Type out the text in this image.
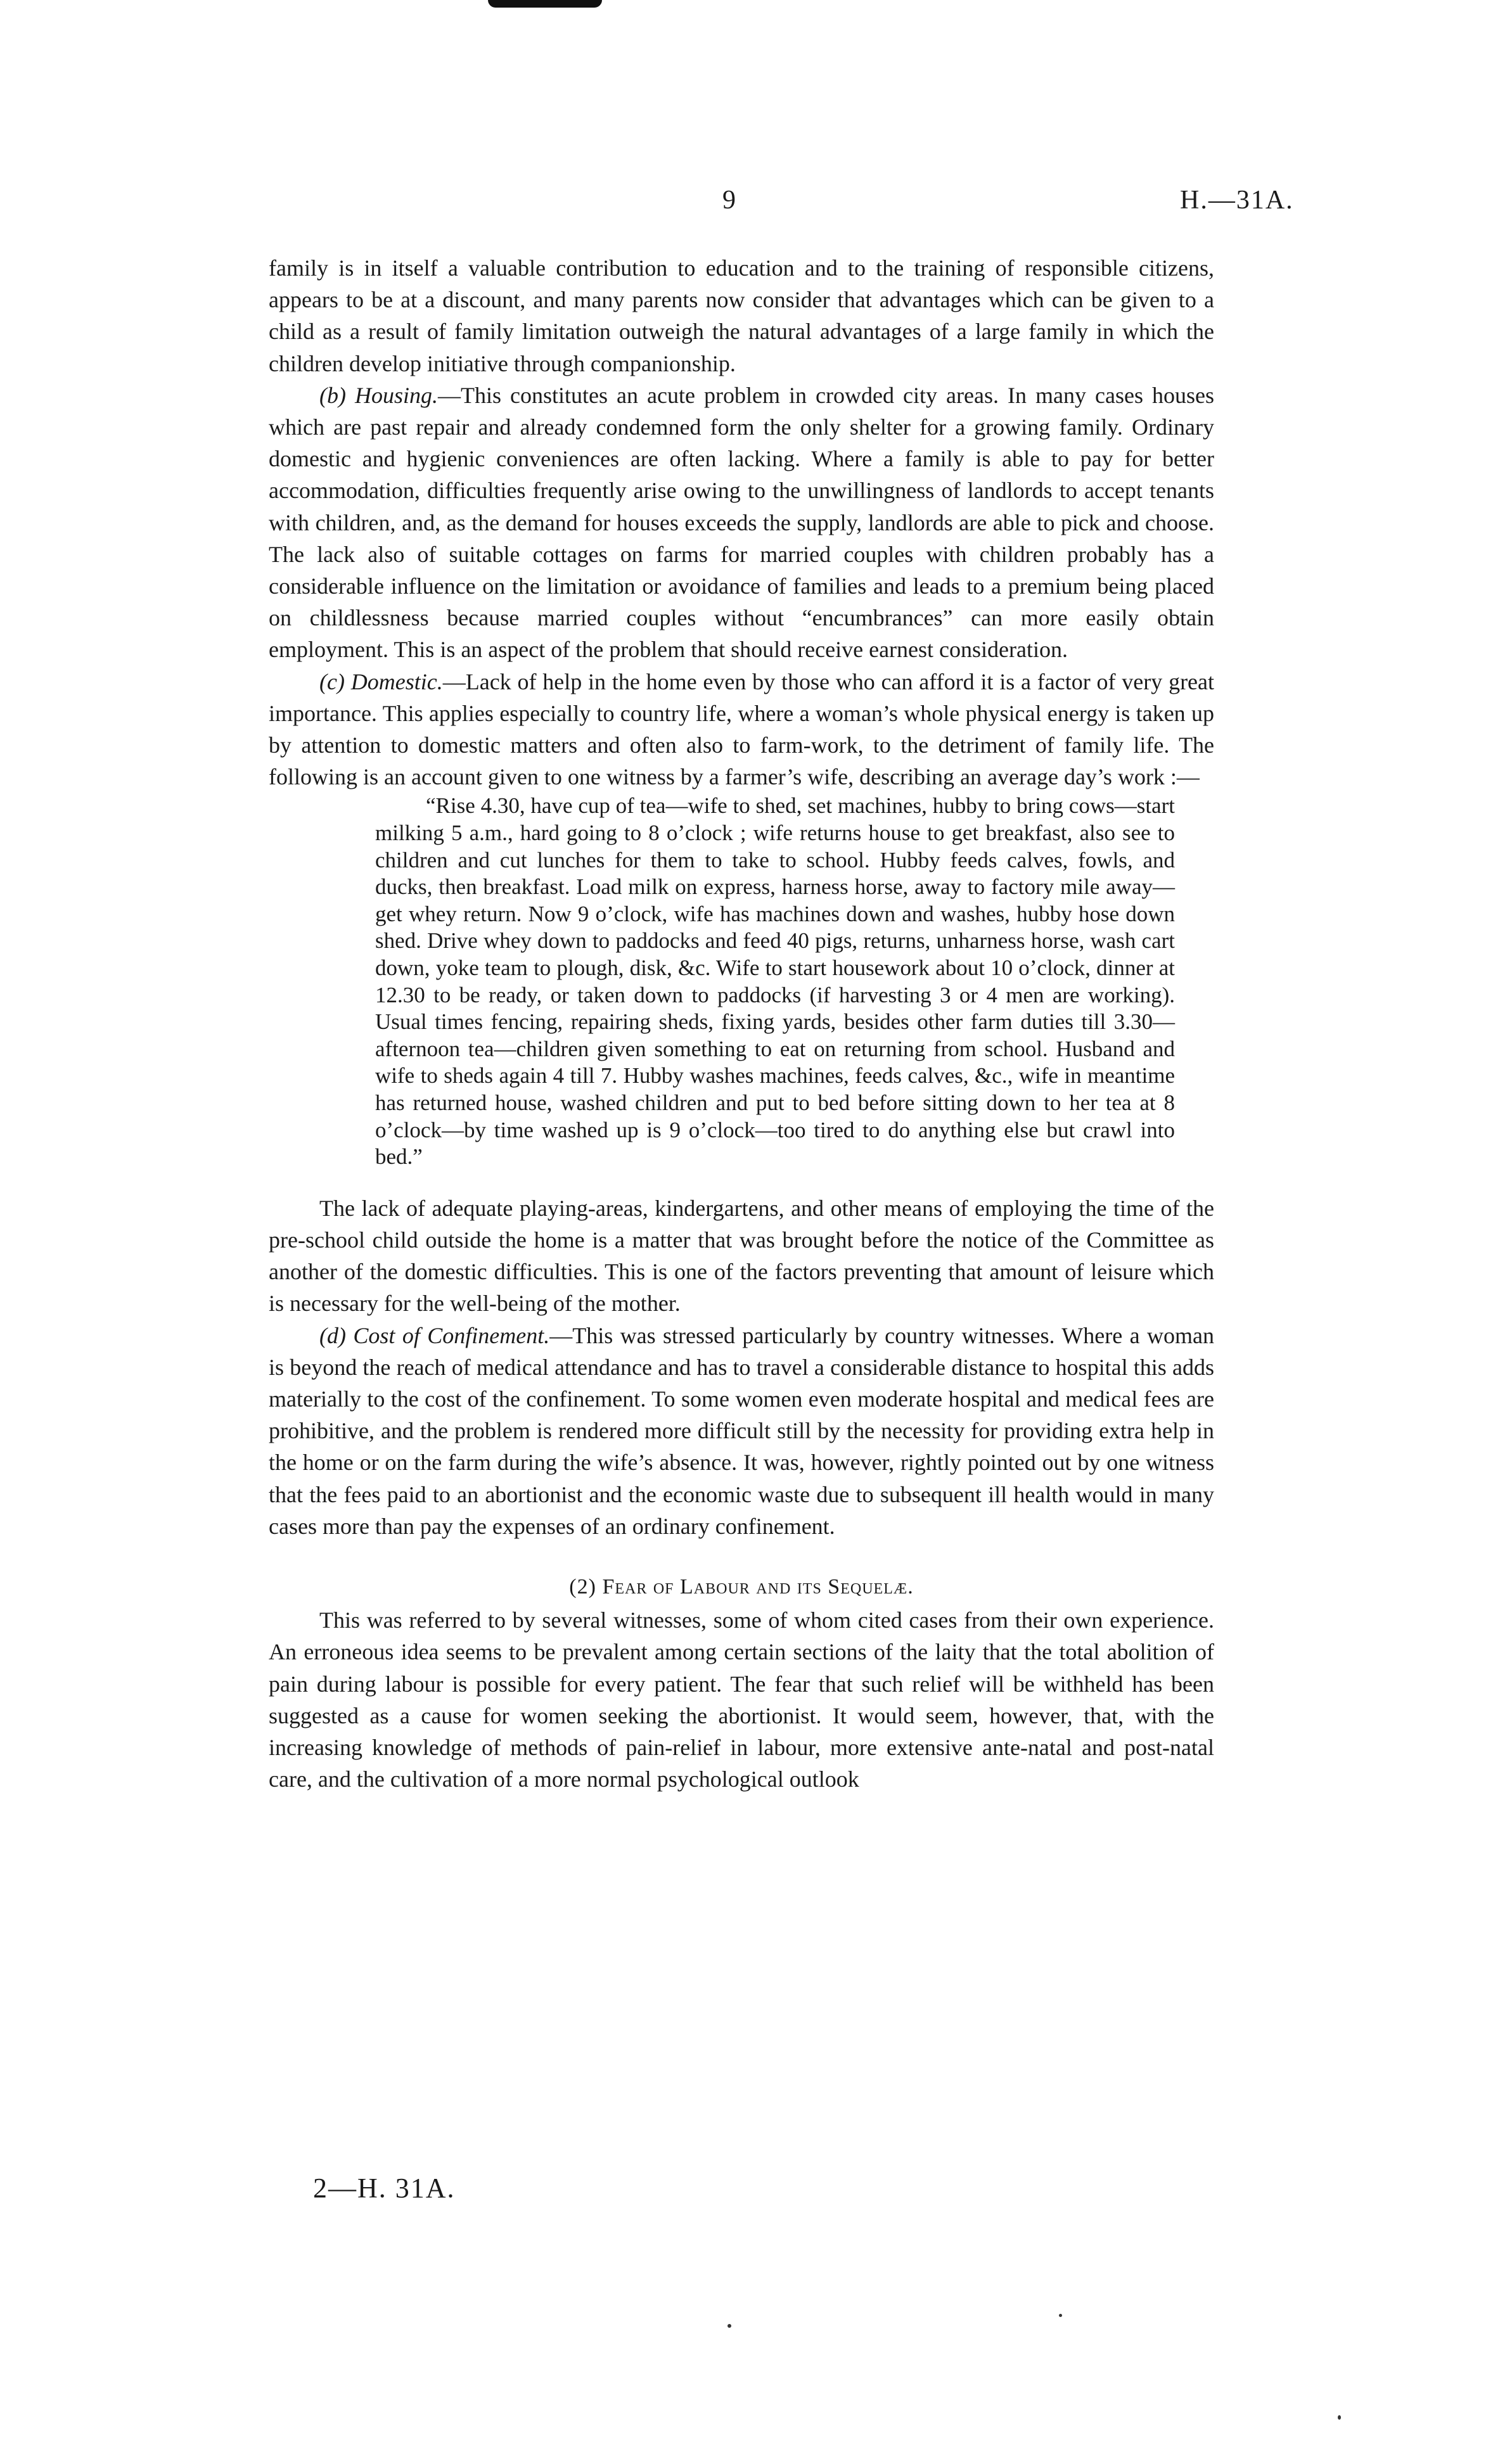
9	H.—31A.

family is in itself a valuable contribution to education and to the training of responsible citizens, appears to be at a discount, and many parents now consider that advantages which can be given to a child as a result of family limitation outweigh the natural advantages of a large family in which the children develop initiative through companionship.

(b) Housing.—This constitutes an acute problem in crowded city areas. In many cases houses which are past repair and already condemned form the only shelter for a growing family. Ordinary domestic and hygienic conveniences are often lacking. Where a family is able to pay for better accommodation, difficulties frequently arise owing to the unwillingness of landlords to accept tenants with children, and, as the demand for houses exceeds the supply, landlords are able to pick and choose. The lack also of suitable cottages on farms for married couples with children probably has a considerable influence on the limitation or avoidance of families and leads to a premium being placed on childlessness because married couples without “encumbrances” can more easily obtain employment. This is an aspect of the problem that should receive earnest consideration.

(c) Domestic.—Lack of help in the home even by those who can afford it is a factor of very great importance. This applies especially to country life, where a woman’s whole physical energy is taken up by attention to domestic matters and often also to farm-work, to the detriment of family life. The following is an account given to one witness by a farmer’s wife, describing an average day’s work :—

“Rise 4.30, have cup of tea—wife to shed, set machines, hubby to bring cows—start milking 5 a.m., hard going to 8 o’clock ; wife returns house to get breakfast, also see to children and cut lunches for them to take to school. Hubby feeds calves, fowls, and ducks, then breakfast. Load milk on express, harness horse, away to factory mile away—get whey return. Now 9 o’clock, wife has machines down and washes, hubby hose down shed. Drive whey down to paddocks and feed 40 pigs, returns, unharness horse, wash cart down, yoke team to plough, disk, &c. Wife to start housework about 10 o’clock, dinner at 12.30 to be ready, or taken down to paddocks (if harvesting 3 or 4 men are working). Usual times fencing, repairing sheds, fixing yards, besides other farm duties till 3.30—afternoon tea—children given something to eat on returning from school. Husband and wife to sheds again 4 till 7. Hubby washes machines, feeds calves, &c., wife in meantime has returned house, washed children and put to bed before sitting down to her tea at 8 o’clock—by time washed up is 9 o’clock—too tired to do anything else but crawl into bed.”

The lack of adequate playing-areas, kindergartens, and other means of employing the time of the pre-school child outside the home is a matter that was brought before the notice of the Committee as another of the domestic difficulties. This is one of the factors preventing that amount of leisure which is necessary for the well-being of the mother.

(d) Cost of Confinement.—This was stressed particularly by country witnesses. Where a woman is beyond the reach of medical attendance and has to travel a considerable distance to hospital this adds materially to the cost of the confinement. To some women even moderate hospital and medical fees are prohibitive, and the problem is rendered more difficult still by the necessity for providing extra help in the home or on the farm during the wife’s absence. It was, however, rightly pointed out by one witness that the fees paid to an abortionist and the economic waste due to subsequent ill health would in many cases more than pay the expenses of an ordinary confinement.

(2) Fear of Labour and its Sequelæ.

This was referred to by several witnesses, some of whom cited cases from their own experience. An erroneous idea seems to be prevalent among certain sections of the laity that the total abolition of pain during labour is possible for every patient. The fear that such relief will be withheld has been suggested as a cause for women seeking the abortionist. It would seem, however, that, with the increasing knowledge of methods of pain-relief in labour, more extensive ante-natal and post-natal care, and the cultivation of a more normal psychological outlook

2—H. 31A.
